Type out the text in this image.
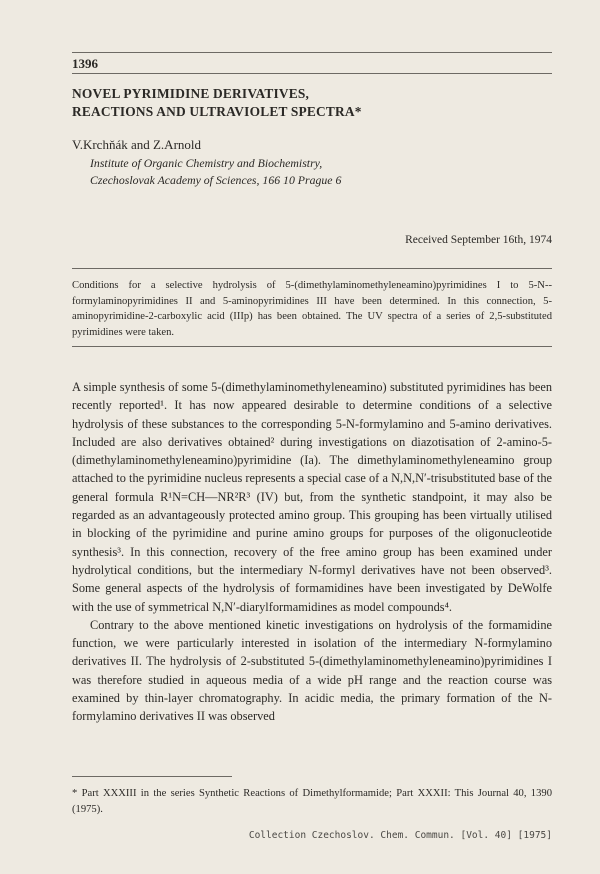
1396
NOVEL PYRIMIDINE DERIVATIVES,
REACTIONS AND ULTRAVIOLET SPECTRA*
V.Krchňák and Z.Arnold
Institute of Organic Chemistry and Biochemistry,
Czechoslovak Academy of Sciences, 166 10 Prague 6
Received September 16th, 1974
Conditions for a selective hydrolysis of 5-(dimethylaminomethyleneamino)pyrimidines I to 5-N--formylaminopyrimidines II and 5-aminopyrimidines III have been determined. In this connection, 5-aminopyrimidine-2-carboxylic acid (IIIp) has been obtained. The UV spectra of a series of 2,5-substituted pyrimidines were taken.

A simple synthesis of some 5-(dimethylaminomethyleneamino) substituted pyrimidines has been recently reported¹. It has now appeared desirable to determine conditions of a selective hydrolysis of these substances to the corresponding 5-N-formylamino and 5-amino derivatives. Included are also derivatives obtained² during investigations on diazotisation of 2-amino-5-(dimethylaminomethyleneamino)pyrimidine (Ia). The dimethylaminomethyleneamino group attached to the pyrimidine nucleus represents a special case of a N,N,N′-trisubstituted base of the general formula R¹N=CH—NR²R³ (IV) but, from the synthetic standpoint, it may also be regarded as an advantageously protected amino group. This grouping has been virtually utilised in blocking of the pyrimidine and purine amino groups for purposes of the oligonucleotide synthesis³. In this connection, recovery of the free amino group has been examined under hydrolytical conditions, but the intermediary N-formyl derivatives have not been observed³. Some general aspects of the hydrolysis of formamidines have been investigated by DeWolfe with the use of symmetrical N,N′-diarylformamidines as model compounds⁴.

Contrary to the above mentioned kinetic investigations on hydrolysis of the formamidine function, we were particularly interested in isolation of the intermediary N-formylamino derivatives II. The hydrolysis of 2-substituted 5-(dimethylaminomethyleneamino)pyrimidines I was therefore studied in aqueous media of a wide pH range and the reaction course was examined by thin-layer chromatography. In acidic media, the primary formation of the N-formylamino derivatives II was observed

* Part XXXIII in the series Synthetic Reactions of Dimethylformamide; Part XXXII: This Journal 40, 1390 (1975).
Collection Czechoslov. Chem. Commun. [Vol. 40] [1975]
